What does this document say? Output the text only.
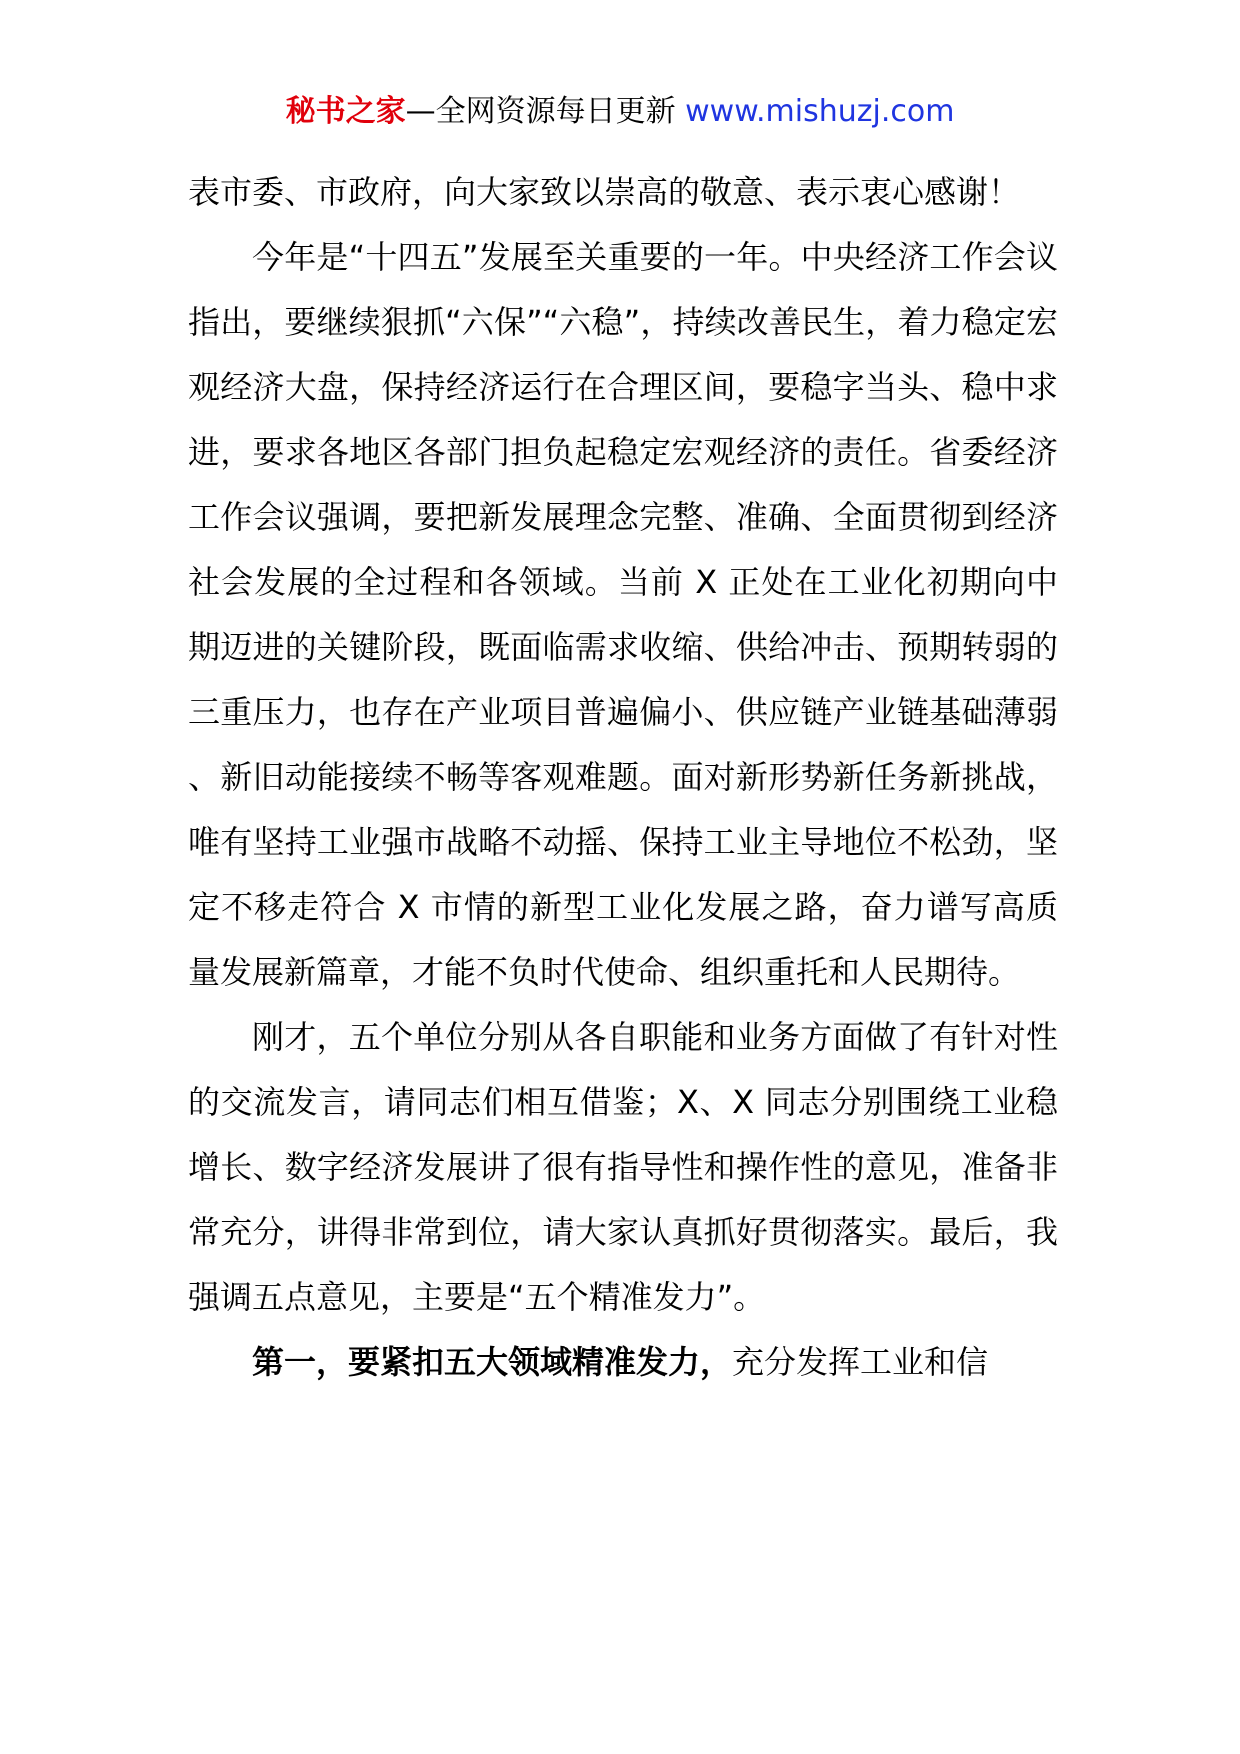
秘书之家—全网资源每日更新 www.mishuzj.com

表市委、市政府，向大家致以崇高的敬意、表示衷心感谢！

今年是“十四五”发展至关重要的一年。中央经济工作会议指出，要继续狠抓“六保”“六稳”，持续改善民生，着力稳定宏观经济大盘，保持经济运行在合理区间，要稳字当头、稳中求进，要求各地区各部门担负起稳定宏观经济的责任。省委经济工作会议强调，要把新发展理念完整、准确、全面贯彻到经济社会发展的全过程和各领域。当前 X 正处在工业化初期向中期迈进的关键阶段，既面临需求收缩、供给冲击、预期转弱的三重压力，也存在产业项目普遍偏小、供应链产业链基础薄弱、新旧动能接续不畅等客观难题。面对新形势新任务新挑战，唯有坚持工业强市战略不动摇、保持工业主导地位不松劲，坚定不移走符合 X 市情的新型工业化发展之路，奋力谱写高质量发展新篇章，才能不负时代使命、组织重托和人民期待。

刚才，五个单位分别从各自职能和业务方面做了有针对性的交流发言，请同志们相互借鉴；X、X 同志分别围绕工业稳增长、数字经济发展讲了很有指导性和操作性的意见，准备非常充分，讲得非常到位，请大家认真抓好贯彻落实。最后，我强调五点意见，主要是“五个精准发力”。

第一，要紧扣五大领域精准发力，充分发挥工业和信
